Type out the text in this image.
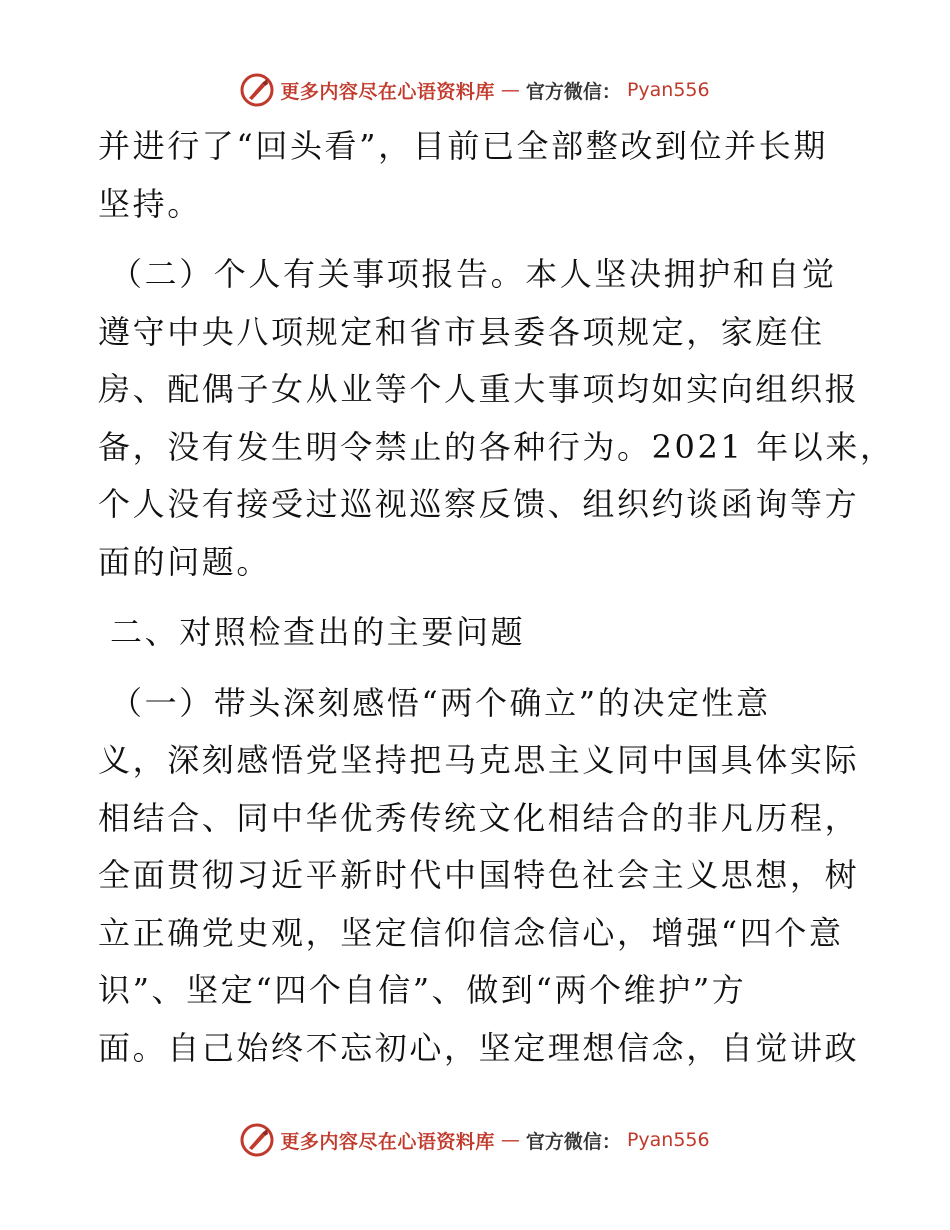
更多内容尽在心语资料库 — 官方微信： Pyan556
并进行了“回头看”，目前已全部整改到位并长期
坚持。
（二）个人有关事项报告。本人坚决拥护和自觉
遵守中央八项规定和省市县委各项规定，家庭住
房、配偶子女从业等个人重大事项均如实向组织报
备，没有发生明令禁止的各种行为。2021 年以来，
个人没有接受过巡视巡察反馈、组织约谈函询等方
面的问题。
二、对照检查出的主要问题
（一）带头深刻感悟“两个确立”的决定性意
义，深刻感悟党坚持把马克思主义同中国具体实际
相结合、同中华优秀传统文化相结合的非凡历程，
全面贯彻习近平新时代中国特色社会主义思想，树
立正确党史观，坚定信仰信念信心，增强“四个意
识”、坚定“四个自信”、做到“两个维护”方
面。自己始终不忘初心，坚定理想信念，自觉讲政
更多内容尽在心语资料库 — 官方微信： Pyan556
